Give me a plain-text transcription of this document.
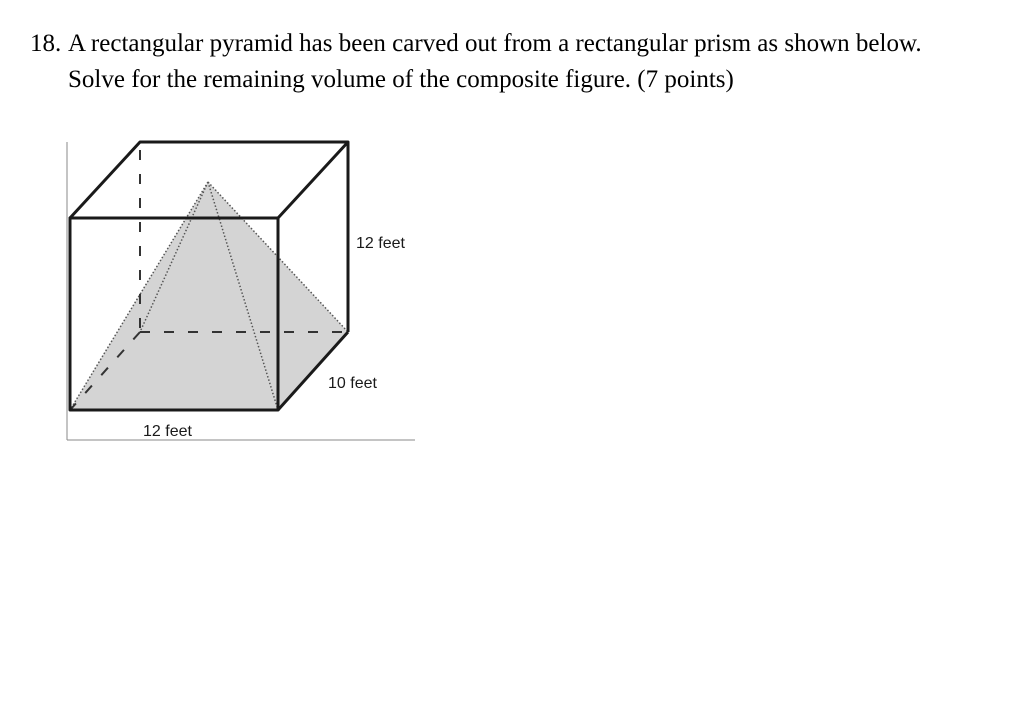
18. A rectangular pyramid has been carved out from a rectangular prism as shown below.
Solve for the remaining volume of the composite figure. (7 points)
12 feet
10 feet
12 feet
